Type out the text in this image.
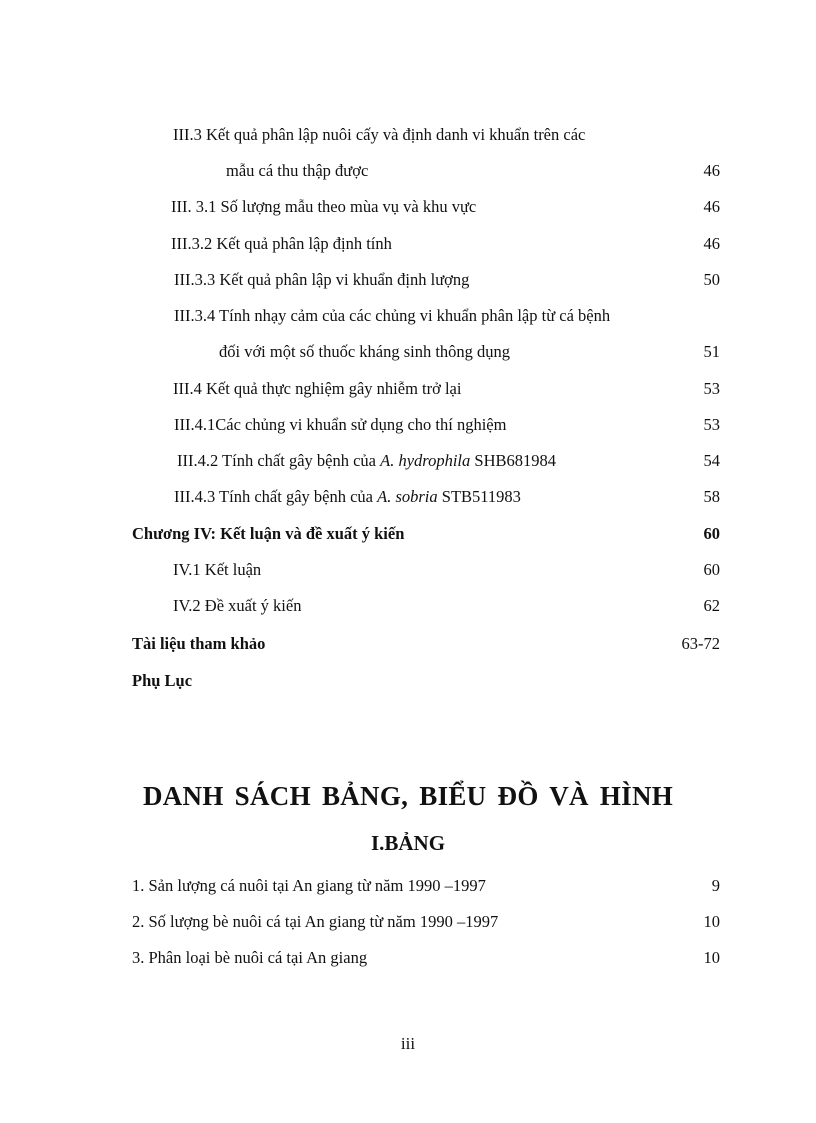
III.3 Kết quả phân lập nuôi cấy và định danh vi khuẩn trên các
mẫu cá thu thập được	46
III. 3.1 Số lượng mẫu theo mùa vụ và khu vực	46
III.3.2 Kết quả phân lập định tính	46
III.3.3 Kết quả phân lập vi khuẩn định lượng	50
III.3.4 Tính nhạy cảm của các chủng vi khuẩn phân lập từ cá bệnh
đối với một số thuốc kháng sinh thông dụng	51
III.4 Kết quả thực nghiệm gây nhiễm trở lại	53
III.4.1Các chủng vi khuẩn sử dụng cho thí nghiệm	53
III.4.2 Tính chất gây bệnh của A. hydrophila SHB681984	54
III.4.3 Tính chất gây bệnh của A. sobria STB511983	58
Chương IV: Kết luận và đề xuất ý kiến	60
IV.1 Kết luận	60
IV.2 Đề xuất ý kiến	62
Tài liệu tham khảo	63-72
Phụ Lục
DANH SÁCH BẢNG, BIỂU ĐỒ VÀ HÌNH
I.BẢNG
1. Sản lượng cá nuôi tại An giang từ năm 1990 –1997	9
2. Số lượng bè nuôi cá tại An giang từ năm 1990 –1997	10
3. Phân loại bè nuôi cá tại An giang	10
iii
